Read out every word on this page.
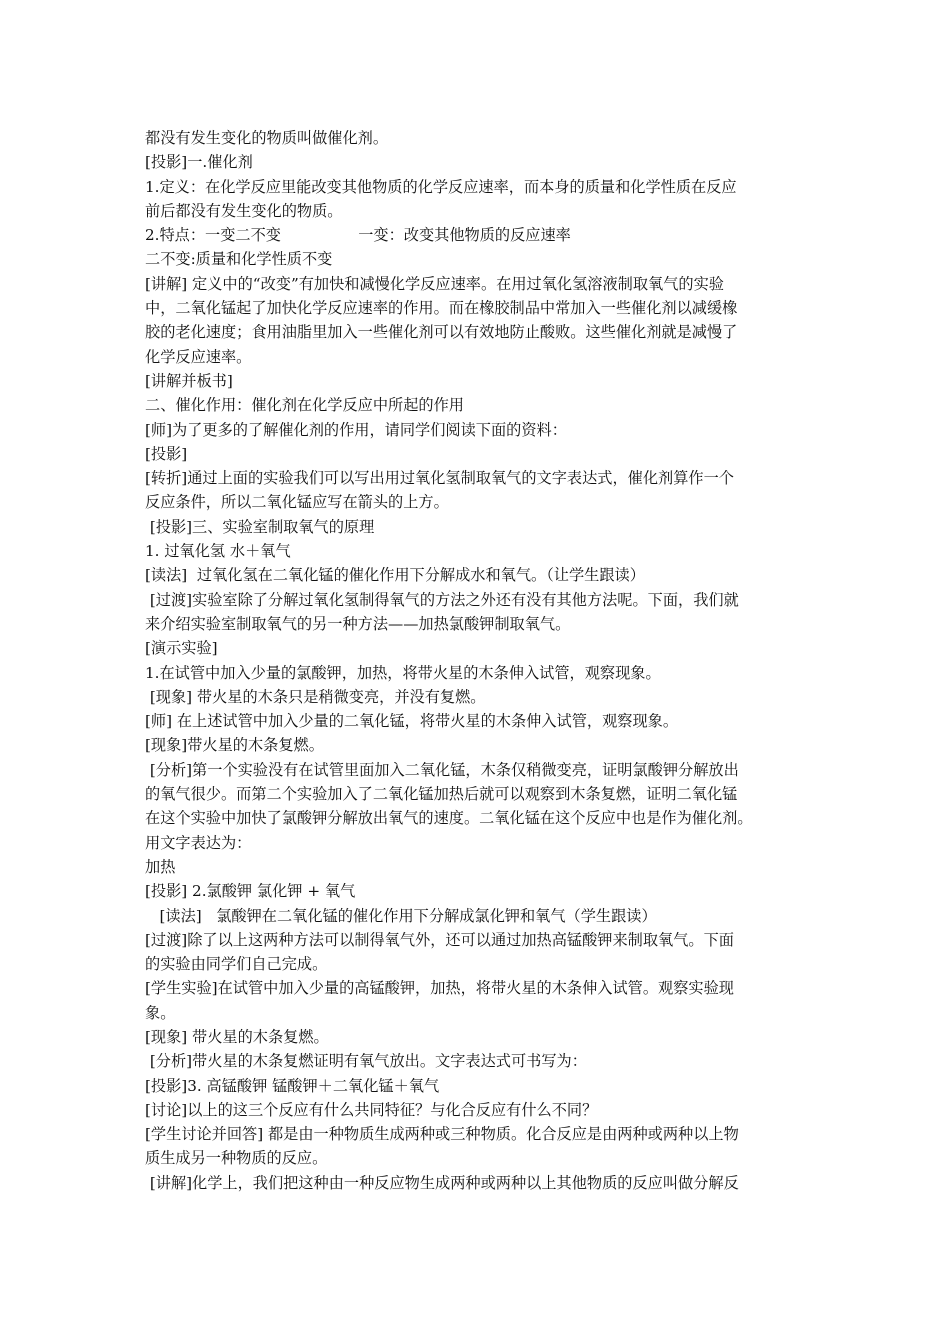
都没有发生变化的物质叫做催化剂。
[投影]一.催化剂
1.定义：在化学反应里能改变其他物质的化学反应速率，而本身的质量和化学性质在反应
前后都没有发生变化的物质。
2.特点：一变二不变                一变：改变其他物质的反应速率
二不变:质量和化学性质不变
[讲解] 定义中的“改变”有加快和减慢化学反应速率。在用过氧化氢溶液制取氧气的实验
中，二氧化锰起了加快化学反应速率的作用。而在橡胶制品中常加入一些催化剂以减缓橡
胶的老化速度；食用油脂里加入一些催化剂可以有效地防止酸败。这些催化剂就是减慢了
化学反应速率。
[讲解并板书]
二、催化作用：催化剂在化学反应中所起的作用
[师]为了更多的了解催化剂的作用，请同学们阅读下面的资料：
[投影]
[转折]通过上面的实验我们可以写出用过氧化氢制取氧气的文字表达式，催化剂算作一个
反应条件，所以二氧化锰应写在箭头的上方。
[投影]三、实验室制取氧气的原理
1. 过氧化氢 水＋氧气
[读法]  过氧化氢在二氧化锰的催化作用下分解成水和氧气。（让学生跟读）
[过渡]实验室除了分解过氧化氢制得氧气的方法之外还有没有其他方法呢。下面，我们就
来介绍实验室制取氧气的另一种方法——加热氯酸钾制取氧气。
[演示实验]
1.在试管中加入少量的氯酸钾，加热，将带火星的木条伸入试管，观察现象。
[现象] 带火星的木条只是稍微变亮，并没有复燃。
[师] 在上述试管中加入少量的二氧化锰，将带火星的木条伸入试管，观察现象。
[现象]带火星的木条复燃。
[分析]第一个实验没有在试管里面加入二氧化锰，木条仅稍微变亮，证明氯酸钾分解放出
的氧气很少。而第二个实验加入了二氧化锰加热后就可以观察到木条复燃，证明二氧化锰
在这个实验中加快了氯酸钾分解放出氧气的速度。二氧化锰在这个反应中也是作为催化剂。
用文字表达为：
加热
[投影] 2.氯酸钾 氯化钾 + 氧气
[读法]   氯酸钾在二氧化锰的催化作用下分解成氯化钾和氧气（学生跟读）
[过渡]除了以上这两种方法可以制得氧气外，还可以通过加热高锰酸钾来制取氧气。下面
的实验由同学们自己完成。
[学生实验]在试管中加入少量的高锰酸钾，加热，将带火星的木条伸入试管。观察实验现
象。
[现象] 带火星的木条复燃。
[分析]带火星的木条复燃证明有氧气放出。文字表达式可书写为：
[投影]3. 高锰酸钾 锰酸钾＋二氧化锰＋氧气
[讨论]以上的这三个反应有什么共同特征？与化合反应有什么不同？
[学生讨论并回答] 都是由一种物质生成两种或三种物质。化合反应是由两种或两种以上物
质生成另一种物质的反应。
[讲解]化学上，我们把这种由一种反应物生成两种或两种以上其他物质的反应叫做分解反
